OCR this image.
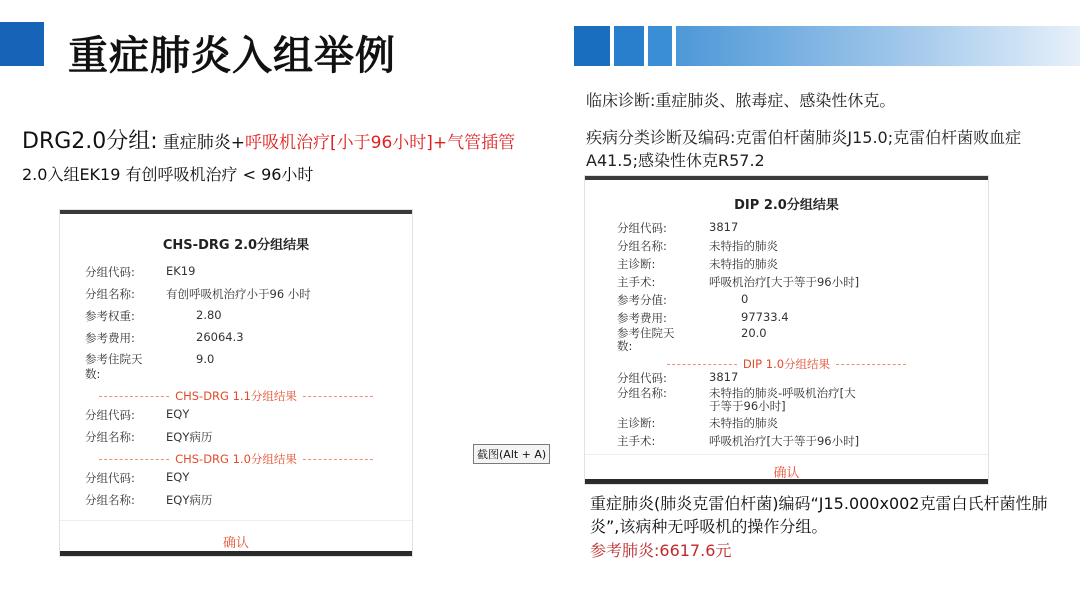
重症肺炎入组举例
DRG2.0分组: 重症肺炎+呼吸机治疗[小于96小时]+气管插管
2.0入组EK19 有创呼吸机治疗 < 96小时
CHS-DRG 2.0分组结果
分组代码:	EK19
分组名称:	有创呼吸机治疗小于96 小时
参考权重:	2.80
参考费用:	26064.3
参考住院天
数:
9.0
CHS-DRG 1.1分组结果
分组代码:	EQY
分组名称:	EQY病历
CHS-DRG 1.0分组结果
分组代码:	EQY
分组名称:	EQY病历
确认
截图(Alt + A)
临床诊断:重症肺炎、脓毒症、感染性休克。
疾病分类诊断及编码:克雷伯杆菌肺炎J15.0;克雷伯杆菌败血症A41.5;感染性休克R57.2
DIP 2.0分组结果
分组代码:	3817
分组名称:	未特指的肺炎
主诊断:	未特指的肺炎
主手术:	呼吸机治疗[大于等于96小时]
参考分值:	0
参考费用:	97733.4
参考住院天
数:
20.0
DIP 1.0分组结果
分组代码:	3817
分组名称:	未特指的肺炎-呼吸机治疗[大
于等于96小时]
主诊断:	未特指的肺炎
主手术:	呼吸机治疗[大于等于96小时]
确认
重症肺炎(肺炎克雷伯杆菌)编码“J15.000x002克雷白氏杆菌性肺炎”,该病种无呼吸机的操作分组。
参考肺炎:6617.6元
